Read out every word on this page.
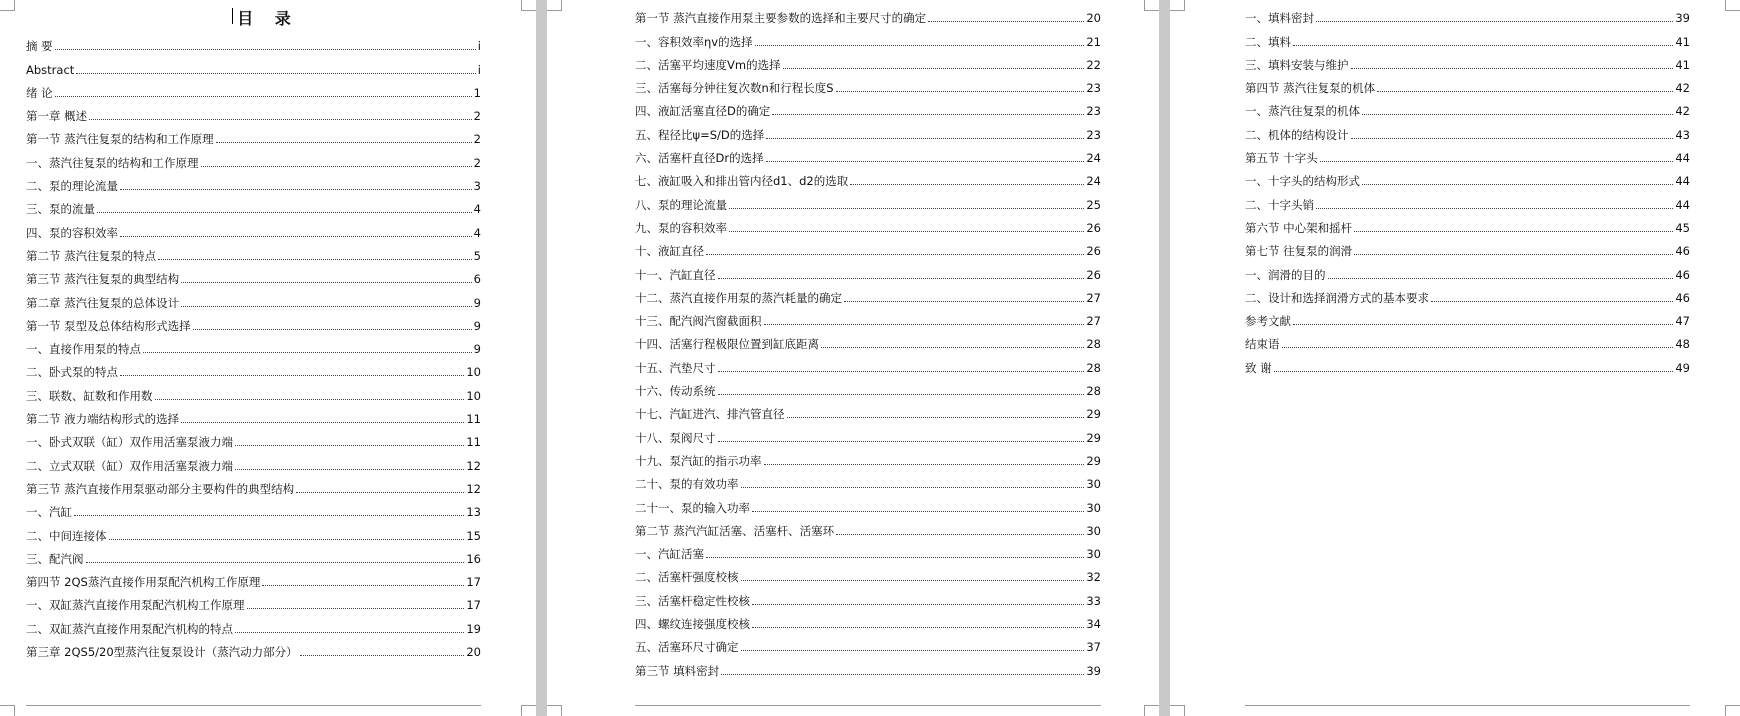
目 录
摘 要	i
Abstract	i
绪 论	1
第一章 概述	2
第一节 蒸汽往复泵的结构和工作原理	2
一、蒸汽往复泵的结构和工作原理	2
二、泵的理论流量	3
三、泵的流量	4
四、泵的容积效率	4
第二节 蒸汽往复泵的特点	5
第三节 蒸汽往复泵的典型结构	6
第二章 蒸汽往复泵的总体设计	9
第一节 泵型及总体结构形式选择	9
一、直接作用泵的特点	9
二、卧式泵的特点	10
三、联数、缸数和作用数	10
第二节 液力端结构形式的选择	11
一、卧式双联（缸）双作用活塞泵液力端	11
二、立式双联（缸）双作用活塞泵液力端	12
第三节 蒸汽直接作用泵驱动部分主要构件的典型结构	12
一、汽缸	13
二、中间连接体	15
三、配汽阀	16
第四节 2QS蒸汽直接作用泵配汽机构工作原理	17
一、双缸蒸汽直接作用泵配汽机构工作原理	17
二、双缸蒸汽直接作用泵配汽机构的特点	19
第三章 2QS5/20型蒸汽往复泵设计（蒸汽动力部分）	20
第一节 蒸汽直接作用泵主要参数的选择和主要尺寸的确定	20
一、容积效率ηv的选择	21
二、活塞平均速度Vm的选择	22
三、活塞每分钟往复次数n和行程长度S	23
四、液缸活塞直径D的确定	23
五、程径比ψ=S/D的选择	23
六、活塞杆直径Dr的选择	24
七、液缸吸入和排出管内径d1、d2的选取	24
八、泵的理论流量	25
九、泵的容积效率	26
十、液缸直径	26
十一、汽缸直径	26
十二、蒸汽直接作用泵的蒸汽耗量的确定	27
十三、配汽阀汽窗截面积	27
十四、活塞行程极限位置到缸底距离	28
十五、汽垫尺寸	28
十六、传动系统	28
十七、汽缸进汽、排汽管直径	29
十八、泵阀尺寸	29
十九、泵汽缸的指示功率	29
二十、泵的有效功率	30
二十一、泵的输入功率	30
第二节 蒸汽汽缸活塞、活塞杆、活塞环	30
一、汽缸活塞	30
二、活塞杆强度校核	32
三、活塞杆稳定性校核	33
四、螺纹连接强度校核	34
五、活塞环尺寸确定	37
第三节 填料密封	39
一、填料密封	39
二、填料	41
三、填料安装与维护	41
第四节 蒸汽往复泵的机体	42
一、蒸汽往复泵的机体	42
二、机体的结构设计	43
第五节 十字头	44
一、十字头的结构形式	44
二、十字头销	44
第六节 中心架和摇杆	45
第七节 往复泵的润滑	46
一、润滑的目的	46
二、设计和选择润滑方式的基本要求	46
参考文献	47
结束语	48
致 谢	49
